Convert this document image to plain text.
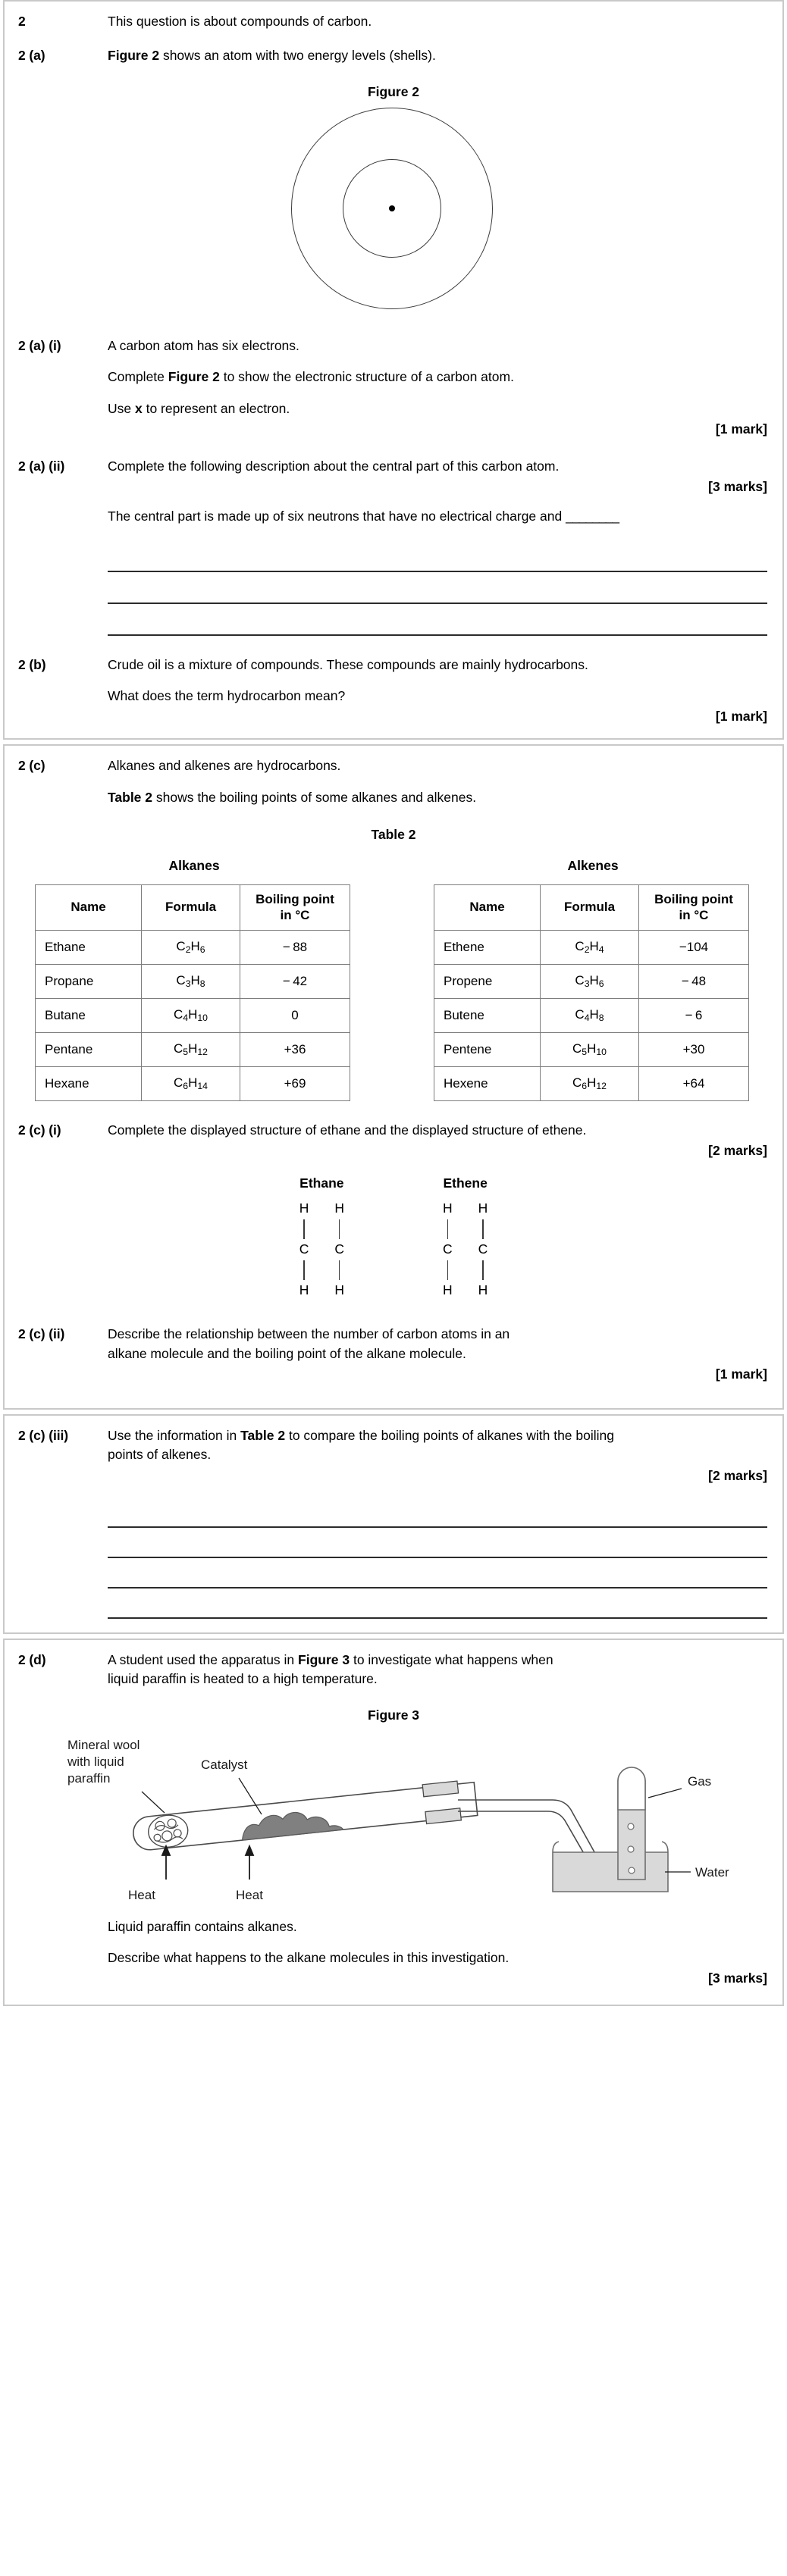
2	This question is about compounds of carbon.
2 (a)	Figure 2 shows an atom with two energy levels (shells).
Figure 2
2 (a) (i)	A carbon atom has six electrons.
Complete Figure 2 to show the electronic structure of a carbon atom.
Use x to represent an electron.
[1 mark]
2 (a) (ii)	Complete the following description about the central part of this carbon atom.
[3 marks]
The central part is made up of six neutrons that have no electrical charge and ________
2 (b)	Crude oil is a mixture of compounds. These compounds are mainly hydrocarbons.
What does the term hydrocarbon mean?
[1 mark]
2 (c)	Alkanes and alkenes are hydrocarbons.
Table 2 shows the boiling points of some alkanes and alkenes.
Table 2
Alkanes
Name	Formula	Boiling point
in °C
Ethane	$C_2H_6$	− 88
Propane	$C_3H_8$	− 42
Butane	$C_4H_{10}$	0
Pentane	$C_5H_{12}$	+36
Hexane	$C_6H_{14}$	+69
Alkenes
Name	Formula	Boiling point
in °C
Ethene	$C_2H_4$	−104
Propene	$C_3H_6$	− 48
Butene	$C_4H_8$	− 6
Pentene	$C_5H_{10}$	+30
Hexene	$C_6H_{12}$	+64
2 (c) (i)	Complete the displayed structure of ethane and the displayed structure of ethene.
[2 marks]
Ethane
H
C
H
H
C
H
Ethene
H
C
H
H
C
H
2 (c) (ii)	Describe the relationship between the number of carbon atoms in an
alkane molecule and the boiling point of the alkane molecule.
[1 mark]
2 (c) (iii)	Use the information in Table 2 to compare the boiling points of alkanes with the boiling
points of alkenes.
[2 marks]
2 (d)	A student used the apparatus in Figure 3 to investigate what happens when
liquid paraffin is heated to a high temperature.
Figure 3
Mineral wool
with liquid
paraffin
Catalyst
Heat	Heat
Gas
Water
Liquid paraffin contains alkanes.
Describe what happens to the alkane molecules in this investigation.
[3 marks]
